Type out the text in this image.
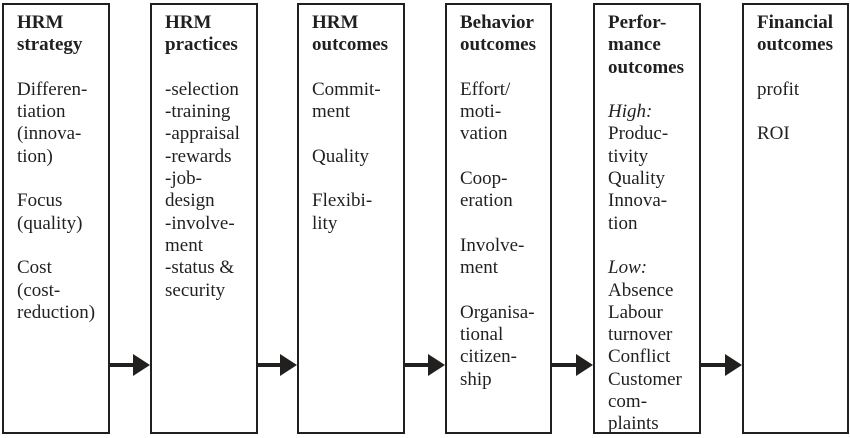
HRM
strategy
Differen-
tiation
(innova-
tion)
Focus
(quality)
Cost
(cost-
reduction)
HRM
practices
-selection
-training
-appraisal
-rewards
-job-
design
-involve-
ment
-status &
security
HRM
outcomes
Commit-
ment
Quality
Flexibi-
lity
Behavior
outcomes
Effort/
moti-
vation
Coop-
eration
Involve-
ment
Organisa-
tional
citizen-
ship
Perfor-
mance
outcomes
High:
Produc-
tivity
Quality
Innova-
tion
Low:
Absence
Labour
turnover
Conflict
Customer
com-
plaints
Financial
outcomes
profit
ROI
